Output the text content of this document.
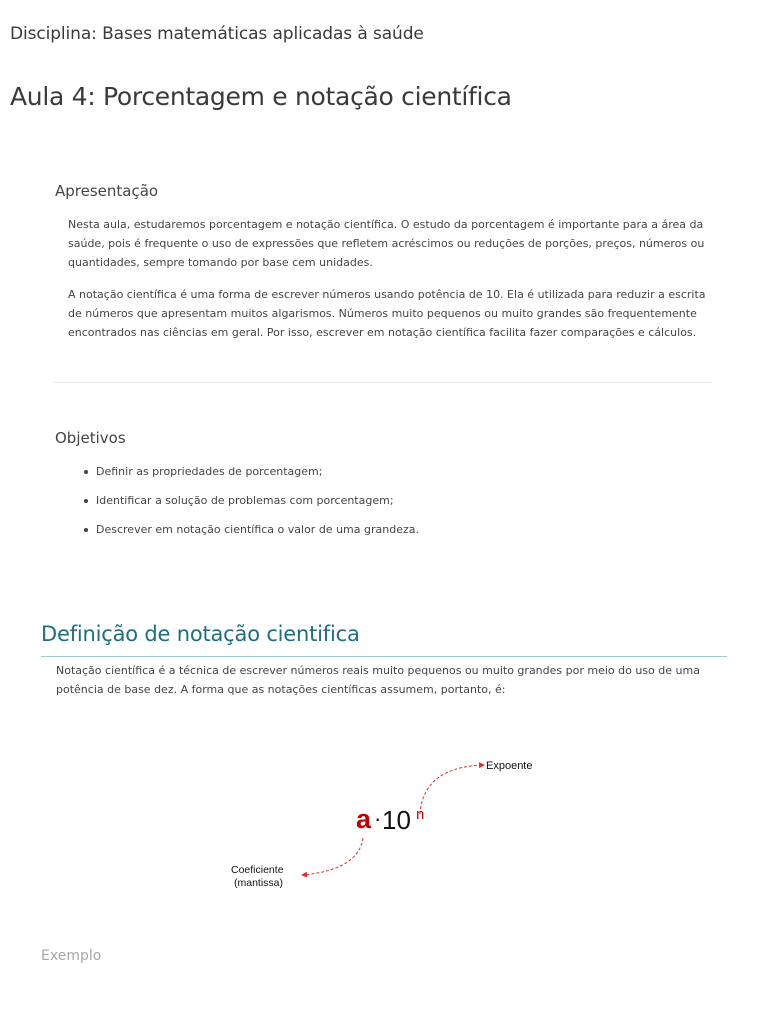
Disciplina: Bases matemáticas aplicadas à saúde
Aula 4: Porcentagem e notação científica
Apresentação

Nesta aula, estudaremos porcentagem e notação científica. O estudo da porcentagem é importante para a área da saúde, pois é frequente o uso de expressões que refletem acréscimos ou reduções de porções, preços, números ou quantidades, sempre tomando por base cem unidades.

A notação científica é uma forma de escrever números usando potência de 10. Ela é utilizada para reduzir a escrita de números que apresentam muitos algarismos. Números muito pequenos ou muito grandes são frequentemente encontrados nas ciências em geral. Por isso, escrever em notação científica facilita fazer comparações e cálculos.

Objetivos
Definir as propriedades de porcentagem;
Identificar a solução de problemas com porcentagem;
Descrever em notação científica o valor de uma grandeza.
Definição de notação cientifica

Notação científica é a técnica de escrever números reais muito pequenos ou muito grandes por meio do uso de uma potência de base dez. A forma que as notações científicas assumem, portanto, é:

Expoente
a · 10 n
Coeficiente
(mantissa)
Exemplo
